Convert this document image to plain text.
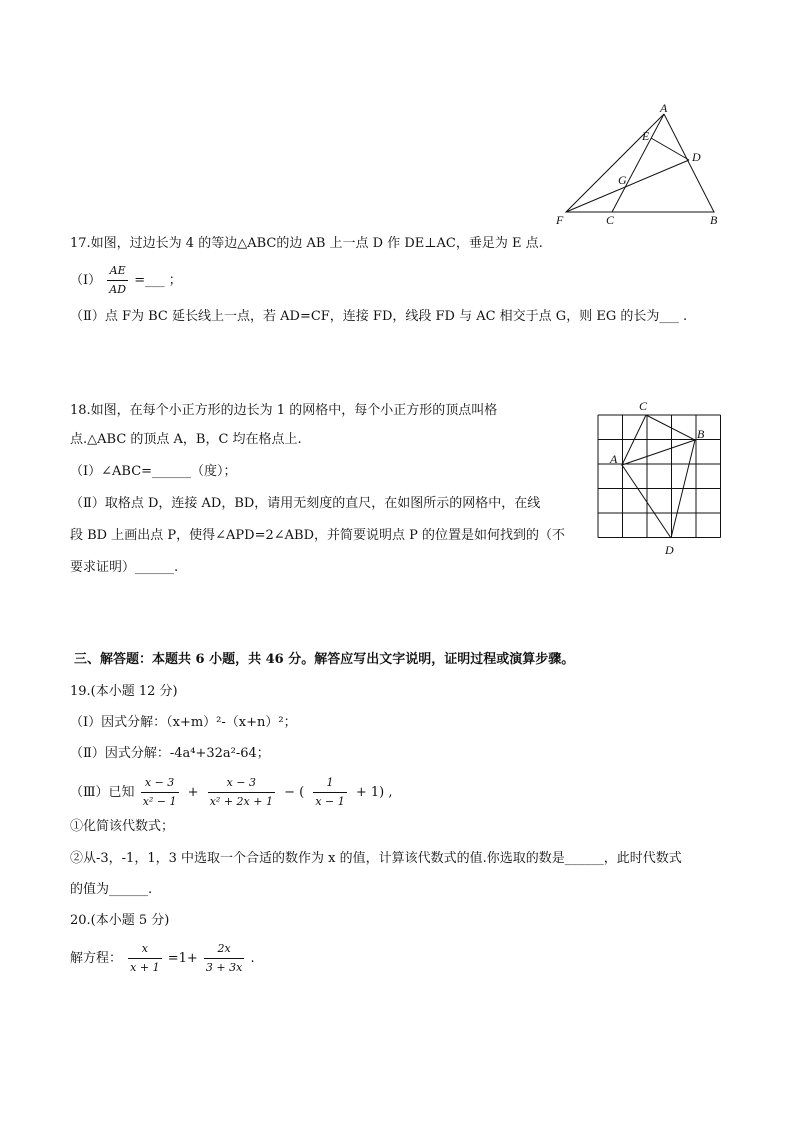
A
E
D
G
F	C	B
17.如图，过边长为 4 的等边△ABC的边 AB 上一点 D 作 DE⊥AC，垂足为 E 点.
$(I) \frac{AE}{AD}$ =___ ；
（Ⅱ）点 F为 BC 延长线上一点，若 AD=CF，连接 FD，线段 FD 与 AC 相交于点 G，则 EG 的长为___ .
C
B
A
D
18.如图，在每个小正方形的边长为 1 的网格中，每个小正方形的顶点叫格
点.△ABC 的顶点 A，B，C 均在格点上.
（I）∠ABC=______（度）；
（Ⅱ）取格点 D，连接 AD，BD，请用无刻度的直尺，在如图所示的网格中，在线
段 BD 上画出点 P，使得∠APD=2∠ABD，并简要说明点 P 的位置是如何找到的（不
要求证明）______.
三、解答题：本题共 6 小题，共 46 分。解答应写出文字说明，证明过程或演算步骤。
19.(本小题 12 分)
（I）因式分解：（x+m）²-（x+n）²；
（Ⅱ）因式分解：-4a⁴+32a²-64；
（Ⅲ）已知 $\frac{x - 3}{\text{x² − 1}} + \frac{x - 3}{\text{x² + 2x + 1}}$ − ( $\frac{1}{x - 1} + 1$) ,
①化简该代数式；
②从-3，-1，1，3 中选取一个合适的数作为 x 的值，计算该代数式的值.你选取的数是______，此时代数式
的值为______.
20.(本小题 5 分)
解方程： $\frac{x}{x + 1} =1+ \frac{2x}{3 + 3x}$ .
